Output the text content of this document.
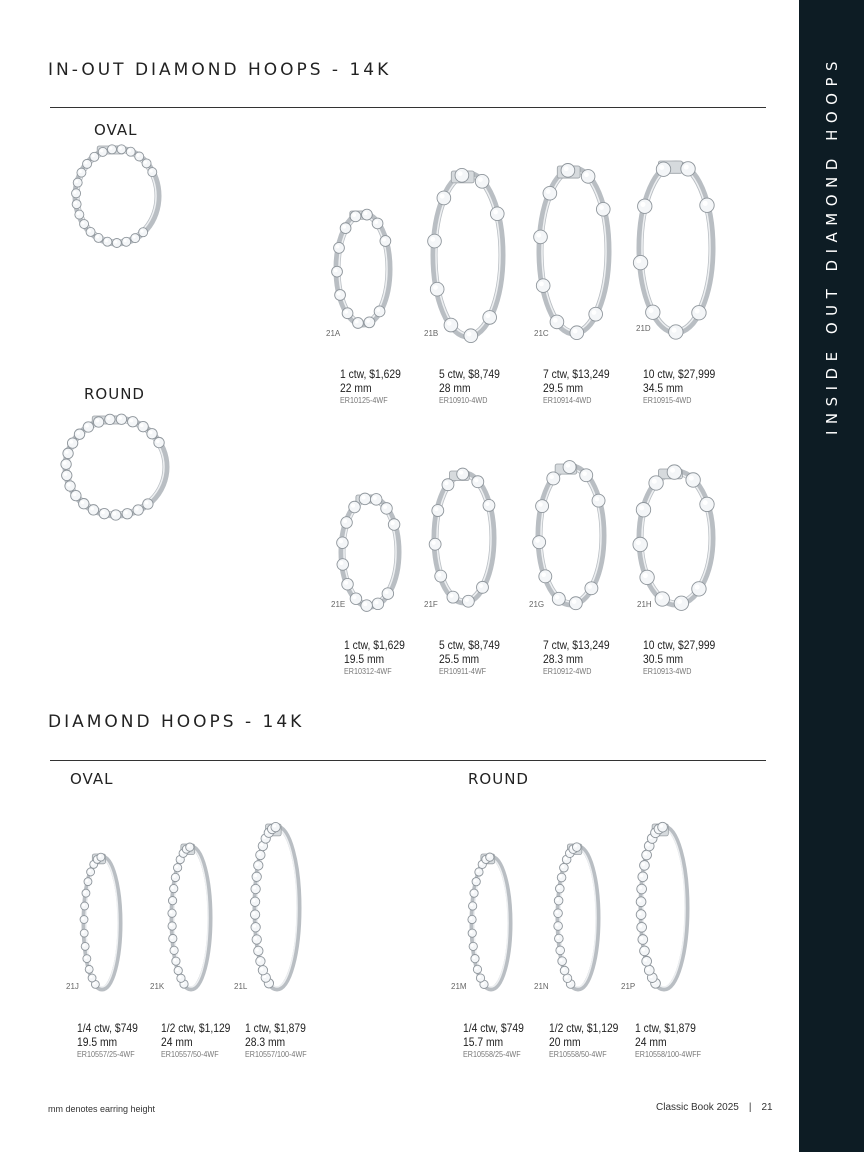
INSIDE OUT DIAMOND HOOPS
IN-OUT DIAMOND HOOPS - 14K
OVAL
ROUND
21A	21B	21C
21D
1 ctw, $1,629
22 mm
ER10125-4WF
5 ctw, $8,749
28 mm
ER10910-4WD
7 ctw, $13,249
29.5 mm
ER10914-4WD
10 ctw, $27,999
34.5 mm
ER10915-4WD
21E	21F	21G	21H
1 ctw, $1,629
19.5 mm
ER10312-4WF
5 ctw, $8,749
25.5 mm
ER10911-4WF
7 ctw, $13,249
28.3 mm
ER10912-4WD
10 ctw, $27,999
30.5 mm
ER10913-4WD
DIAMOND HOOPS - 14K
OVAL	ROUND
21J	21K	21L	21M	21N	21P
1/4 ctw, $749
19.5 mm
ER10557/25-4WF
1/2 ctw, $1,129
24 mm
ER10557/50-4WF
1 ctw, $1,879
28.3 mm
ER10557/100-4WF
1/4 ctw, $749
15.7 mm
ER10558/25-4WF
1/2 ctw, $1,129
20 mm
ER10558/50-4WF
1 ctw, $1,879
24 mm
ER10558/100-4WFF
mm denotes earring height	Classic Book 2025 | 21
